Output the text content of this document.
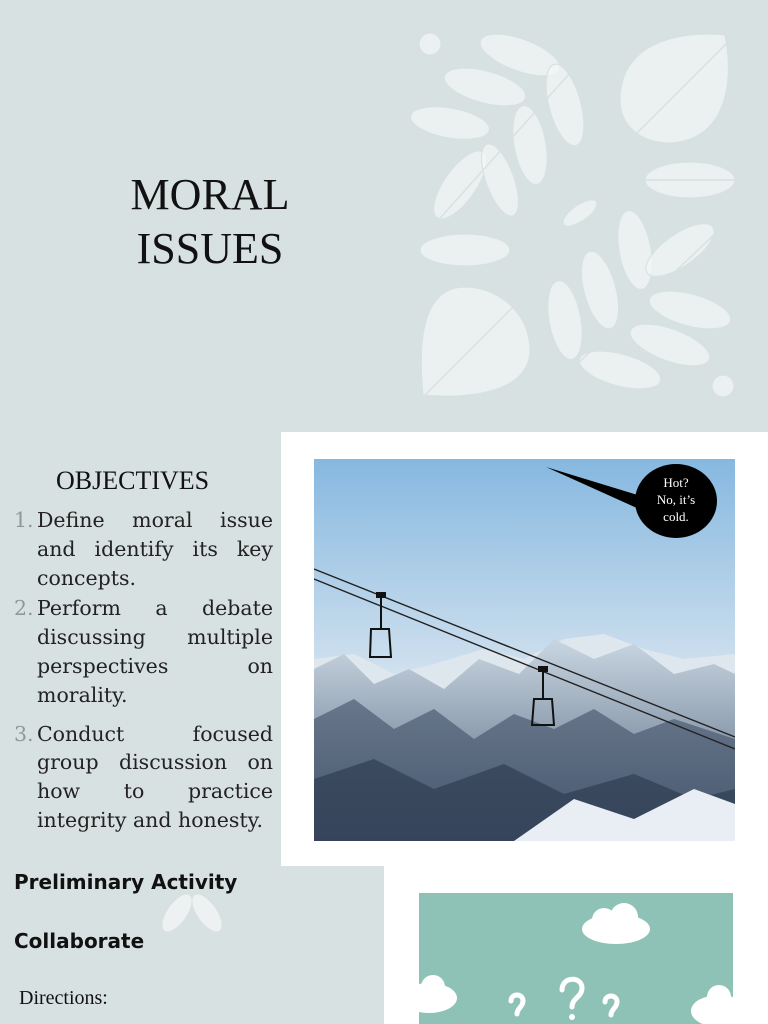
MORAL
ISSUES
OBJECTIVES
1. Define moral issue and identify its key concepts.
2. Perform a debate discussing multiple perspectives on morality.
3. Conduct focused group discussion on how to practice integrity and honesty.
Hot?
No, it’s
cold.
Preliminary Activity
Collaborate
Directions:
